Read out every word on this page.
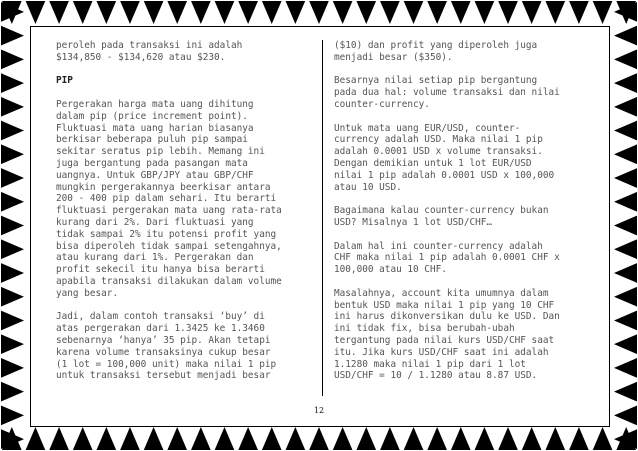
peroleh pada transaksi ini adalah
$134,850 - $134,620 atau $230.
PIP
Pergerakan harga mata uang dihitung
dalam pip (price increment point).
Fluktuasi mata uang harian biasanya
berkisar beberapa puluh pip sampai
sekitar seratus pip lebih. Memang ini
juga bergantung pada pasangan mata
uangnya. Untuk GBP/JPY atau GBP/CHF
mungkin pergerakannya beerkisar antara
200 - 400 pip dalam sehari. Itu berarti
fluktuasi pergerakan mata uang rata-rata
kurang dari 2%. Dari fluktuasi yang
tidak sampai 2% itu potensi profit yang
bisa diperoleh tidak sampai setengahnya,
atau kurang dari 1%. Pergerakan dan
profit sekecil itu hanya bisa berarti
apabila transaksi dilakukan dalam volume
yang besar.
Jadi, dalam contoh transaksi ‘buy’ di
atas pergerakan dari 1.3425 ke 1.3460
sebenarnya ‘hanya’ 35 pip. Akan tetapi
karena volume transaksinya cukup besar
(1 lot = 100,000 unit) maka nilai 1 pip
untuk transaksi tersebut menjadi besar
($10) dan profit yang diperoleh juga
menjadi besar ($350).
Besarnya nilai setiap pip bergantung
pada dua hal: volume transaksi dan nilai
counter-currency.
Untuk mata uang EUR/USD, counter-
currency adalah USD. Maka nilai 1 pip
adalah 0.0001 USD x volume transaksi.
Dengan demikian untuk 1 lot EUR/USD
nilai 1 pip adalah 0.0001 USD x 100,000
atau 10 USD.
Bagaimana kalau counter-currency bukan
USD? Misalnya 1 lot USD/CHF…
Dalam hal ini counter-currency adalah
CHF maka nilai 1 pip adalah 0.0001 CHF x
100,000 atau 10 CHF.
Masalahnya, account kita umumnya dalam
bentuk USD maka nilai 1 pip yang 10 CHF
ini harus dikonversikan dulu ke USD. Dan
ini tidak fix, bisa berubah-ubah
tergantung pada nilai kurs USD/CHF saat
itu. Jika kurs USD/CHF saat ini adalah
1.1280 maka nilai 1 pip dari 1 lot
USD/CHF = 10 / 1.1280 atau 8.87 USD.
12
